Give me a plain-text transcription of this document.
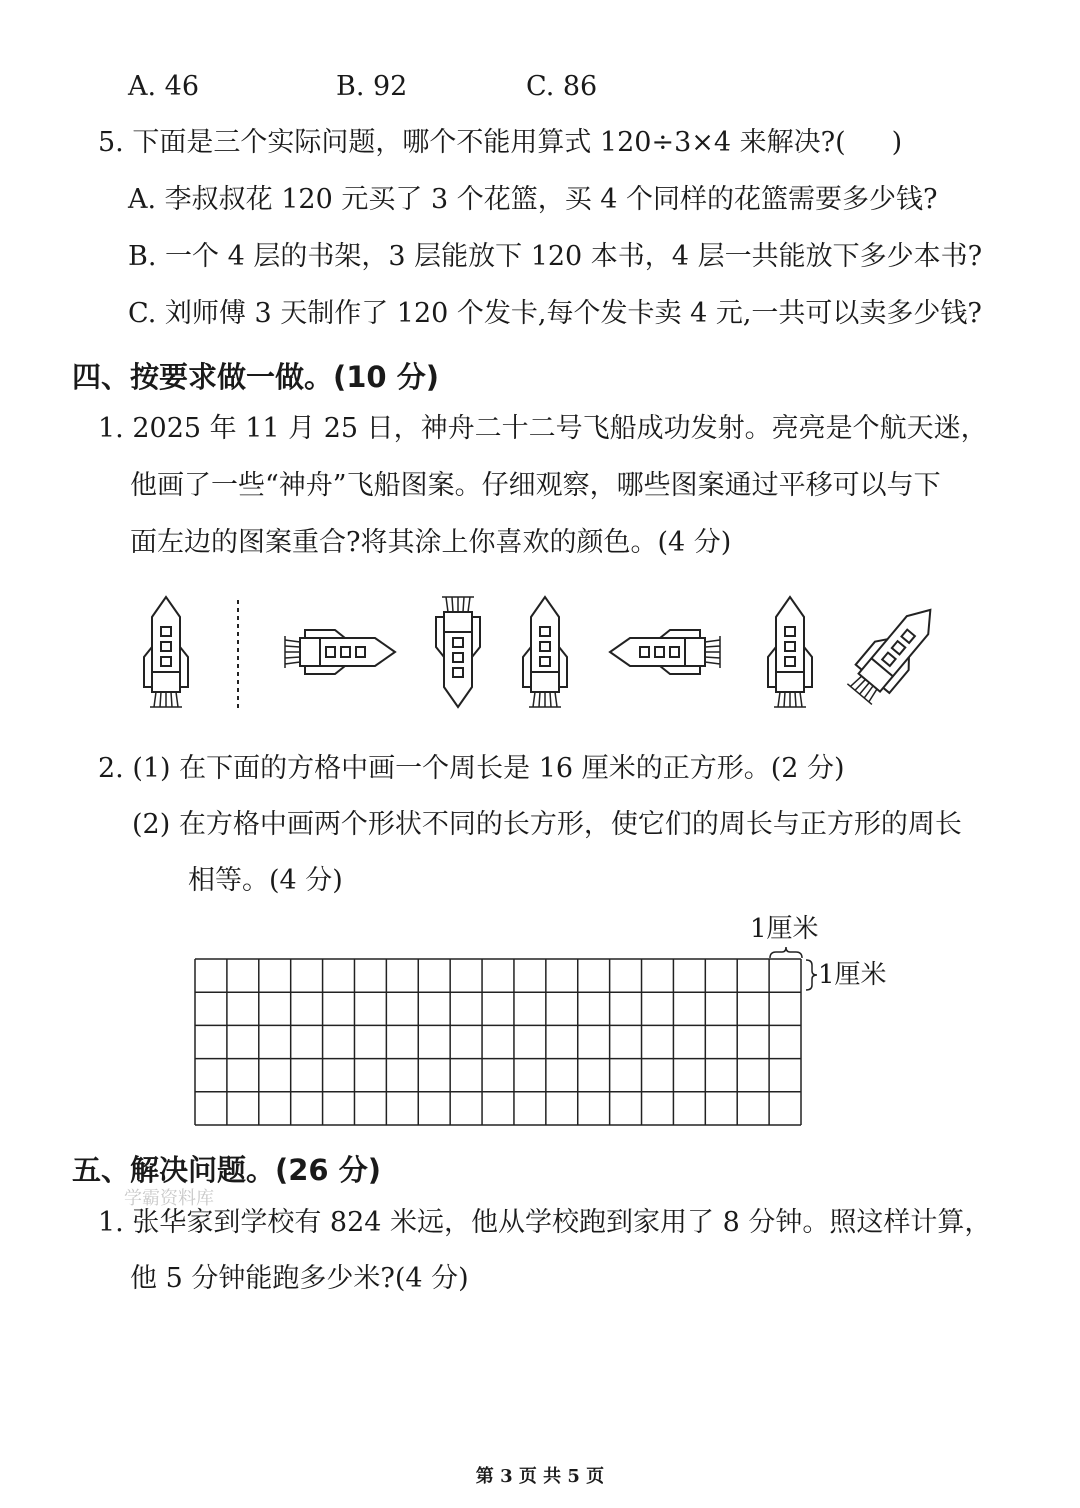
A. 46	B. 92	C. 86
5. 下面是三个实际问题，哪个不能用算式 120÷3×4 来解决?( )
A. 李叔叔花 120 元买了 3 个花篮，买 4 个同样的花篮需要多少钱?
B. 一个 4 层的书架，3 层能放下 120 本书，4 层一共能放下多少本书?
C. 刘师傅 3 天制作了 120 个发卡,每个发卡卖 4 元,一共可以卖多少钱?
四、按要求做一做。(10 分)
1. 2025 年 11 月 25 日，神舟二十二号飞船成功发射。亮亮是个航天迷，
他画了一些“神舟”飞船图案。仔细观察，哪些图案通过平移可以与下
面左边的图案重合?将其涂上你喜欢的颜色。(4 分)
2. (1) 在下面的方格中画一个周长是 16 厘米的正方形。(2 分)
(2) 在方格中画两个形状不同的长方形，使它们的周长与正方形的周长
相等。(4 分)
1厘米
1厘米
五、解决问题。(26 分)
学霸资料库
1. 张华家到学校有 824 米远，他从学校跑到家用了 8 分钟。照这样计算，
他 5 分钟能跑多少米?(4 分)
第 3 页 共 5 页
